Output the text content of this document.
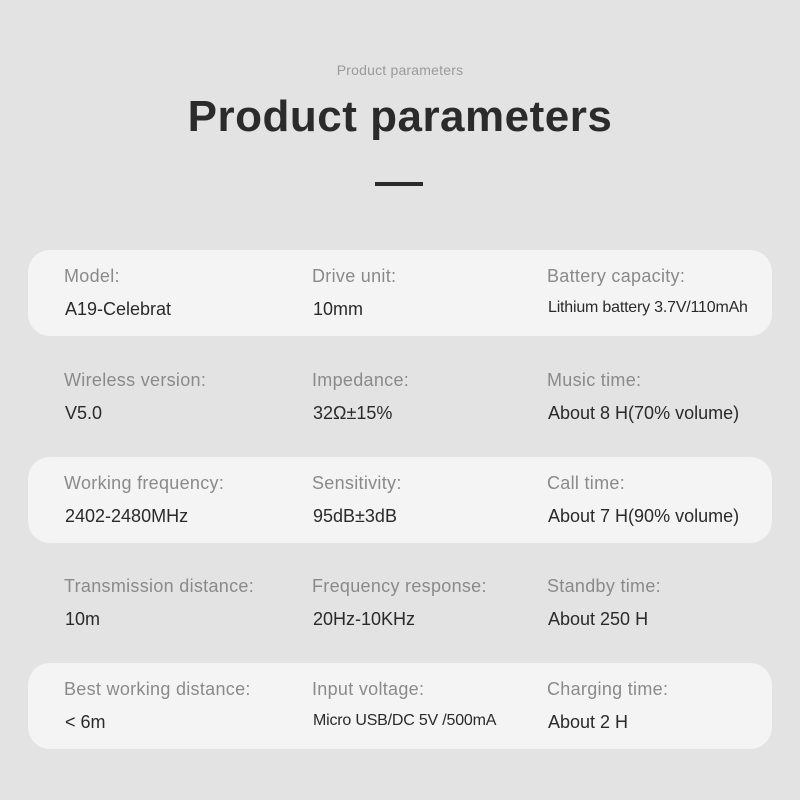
Product parameters
Product parameters
Model:
A19-Celebrat
Drive unit:
10mm
Battery capacity:
Lithium battery 3.7V/110mAh
Wireless version:
V5.0
Impedance:
32Ω±15%
Music time:
About 8 H(70% volume)
Working frequency:
2402-2480MHz
Sensitivity:
95dB±3dB
Call time:
About 7 H(90% volume)
Transmission distance:
10m
Frequency response:
20Hz-10KHz
Standby time:
About 250 H
Best working distance:
< 6m
Input voltage:
Micro USB/DC 5V /500mA
Charging time:
About 2 H
